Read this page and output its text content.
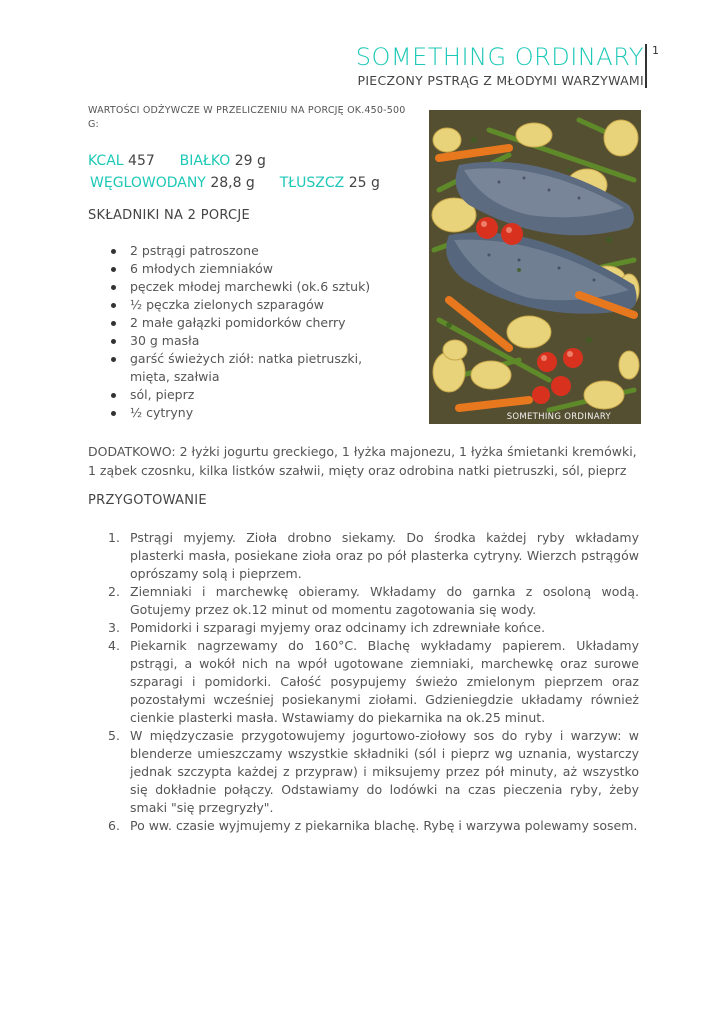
SOMETHING ORDINARY
PIECZONY PSTRĄG Z MŁODYMI WARZYWAMI
1
WARTOŚCI ODŻYWCZE W PRZELICZENIU NA PORCJĘ OK.450-500 G:
KCAL 457 BIAŁKO 29 g
WĘGLOWODANY 28,8 g TŁUSZCZ 25 g
SKŁADNIKI NA 2 PORCJE
2 pstrągi patroszone
6 młodych ziemniaków
pęczek młodej marchewki (ok.6 sztuk)
½ pęczka zielonych szparagów
2 małe gałązki pomidorków cherry
30 g masła
garść świeżych ziół: natka pietruszki, mięta, szałwia
sól, pieprz
½ cytryny	SOMETHING ORDINARY
DODATKOWO: 2 łyżki jogurtu greckiego, 1 łyżka majonezu, 1 łyżka śmietanki kremówki, 1 ząbek czosnku, kilka listków szałwii, mięty oraz odrobina natki pietruszki, sól, pieprz
PRZYGOTOWANIE
1. Pstrągi myjemy. Zioła drobno siekamy. Do środka każdej ryby wkładamy plasterki masła, posiekane zioła oraz po pół plasterka cytryny. Wierzch pstrągów oprószamy solą i pieprzem.
2. Ziemniaki i marchewkę obieramy. Wkładamy do garnka z osoloną wodą. Gotujemy przez ok.12 minut od momentu zagotowania się wody.
3. Pomidorki i szparagi myjemy oraz odcinamy ich zdrewniałe końce.
4. Piekarnik nagrzewamy do 160°C. Blachę wykładamy papierem. Układamy pstrągi, a wokół nich na wpół ugotowane ziemniaki, marchewkę oraz surowe szparagi i pomidorki. Całość posypujemy świeżo zmielonym pieprzem oraz pozostałymi wcześniej posiekanymi ziołami. Gdzieniegdzie układamy również cienkie plasterki masła. Wstawiamy do piekarnika na ok.25 minut.
5. W międzyczasie przygotowujemy jogurtowo-ziołowy sos do ryby i warzyw: w blenderze umieszczamy wszystkie składniki (sól i pieprz wg uznania, wystarczy jednak szczypta każdej z przypraw) i miksujemy przez pół minuty, aż wszystko się dokładnie połączy. Odstawiamy do lodówki na czas pieczenia ryby, żeby smaki "się przegryzły".
6. Po ww. czasie wyjmujemy z piekarnika blachę. Rybę i warzywa polewamy sosem.
